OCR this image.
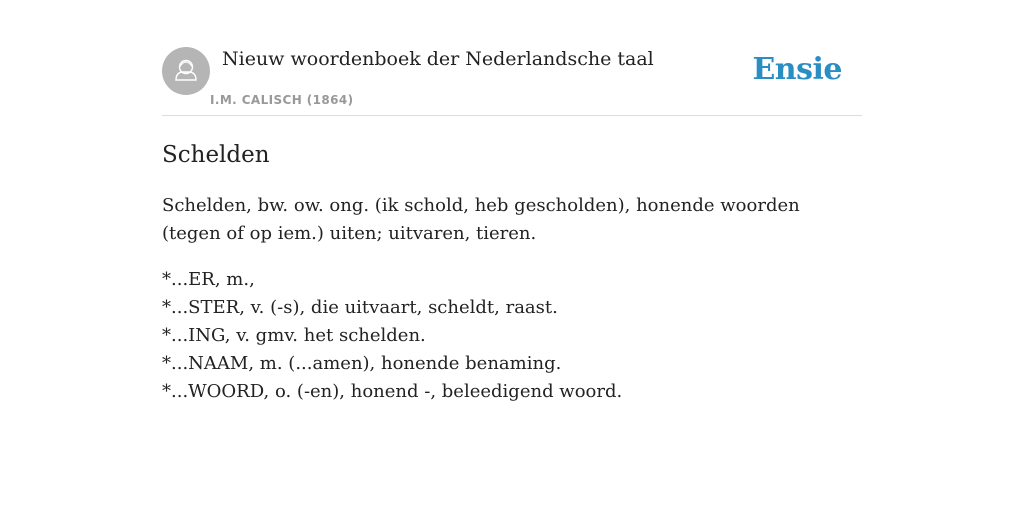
Nieuw woordenboek der Nederlandsche taal
I.M. CALISCH (1864)
Ensie
Schelden

Schelden, bw. ow. ong. (ik schold, heb gescholden), honende woorden (tegen of op iem.) uiten; uitvaren, tieren.

*...ER, m.,
*...STER, v. (-s), die uitvaart, scheldt, raast.
*...ING, v. gmv. het schelden.
*...NAAM, m. (...amen), honende benaming.
*...WOORD, o. (-en), honend -, beleedigend woord.
